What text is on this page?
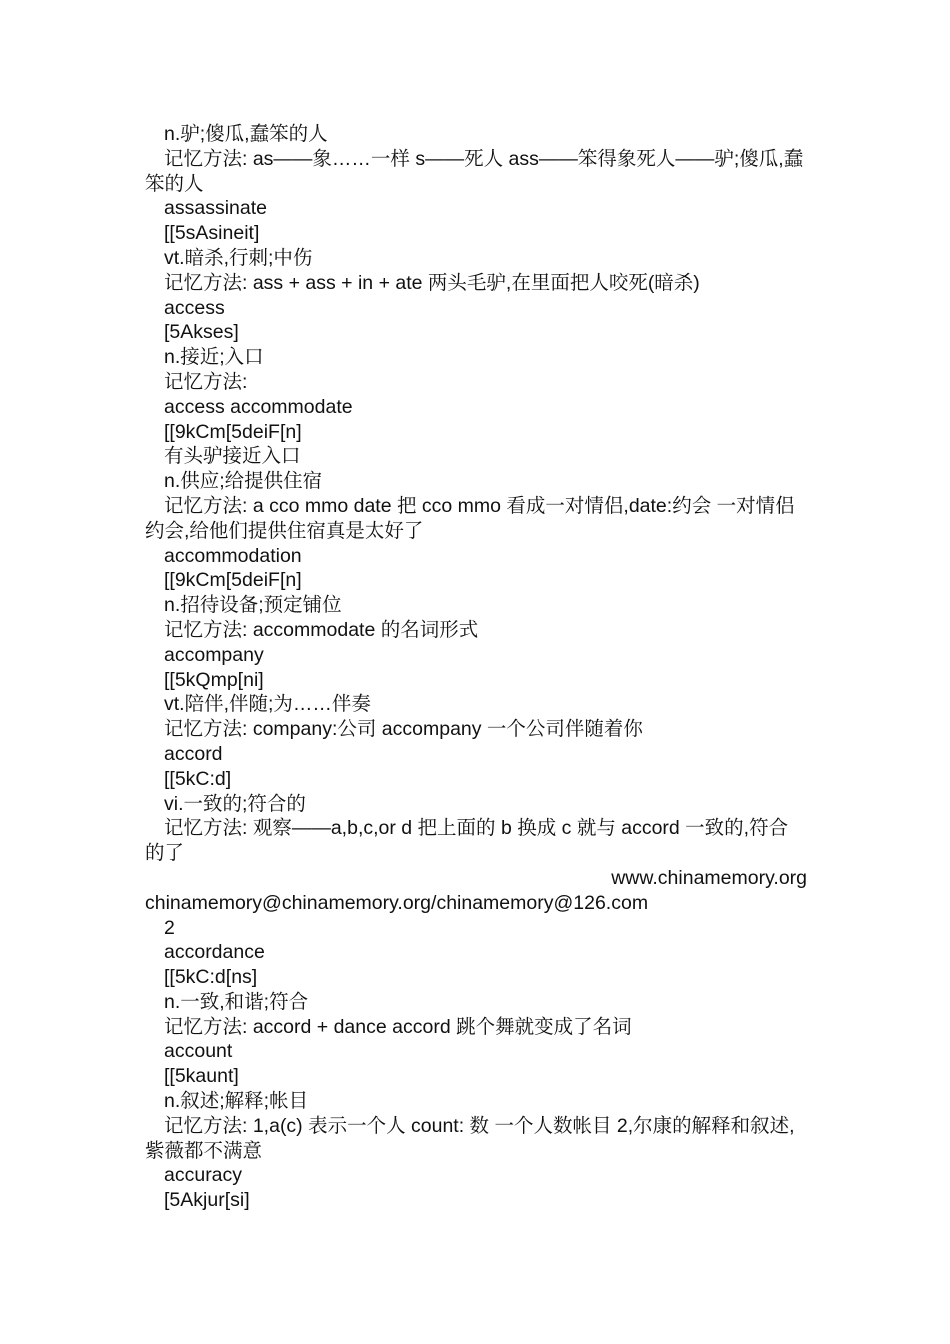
n.驴;傻瓜,蠢笨的人
记忆方法: as——象……一样 s——死人 ass——笨得象死人——驴;傻瓜,蠢笨的人
assassinate
[[5sAsineit]
vt.暗杀,行刺;中伤
记忆方法: ass + ass + in + ate 两头毛驴,在里面把人咬死(暗杀)
access
[5Akses]
n.接近;入口
记忆方法:
access accommodate
[[9kCm[5deiF[n]
有头驴接近入口
n.供应;给提供住宿
记忆方法: a cco mmo date 把 cco mmo 看成一对情侣,date:约会 一对情侣约会,给他们提供住宿真是太好了
accommodation
[[9kCm[5deiF[n]
n.招待设备;预定铺位
记忆方法: accommodate 的名词形式
accompany
[[5kQmp[ni]
vt.陪伴,伴随;为……伴奏
记忆方法: company:公司 accompany 一个公司伴随着你
accord
[[5kC:d]
vi.一致的;符合的
记忆方法: 观察——a,b,c,or d 把上面的 b 换成 c 就与 accord 一致的,符合的了
www.chinamemory.org
chinamemory@chinamemory.org/chinamemory@126.com
2
accordance
[[5kC:d[ns]
n.一致,和谐;符合
记忆方法: accord + dance accord 跳个舞就变成了名词
account
[[5kaunt]
n.叙述;解释;帐目
记忆方法: 1,a(c) 表示一个人 count: 数 一个人数帐目 2,尔康的解释和叙述,紫薇都不满意
accuracy
[5Akjur[si]
